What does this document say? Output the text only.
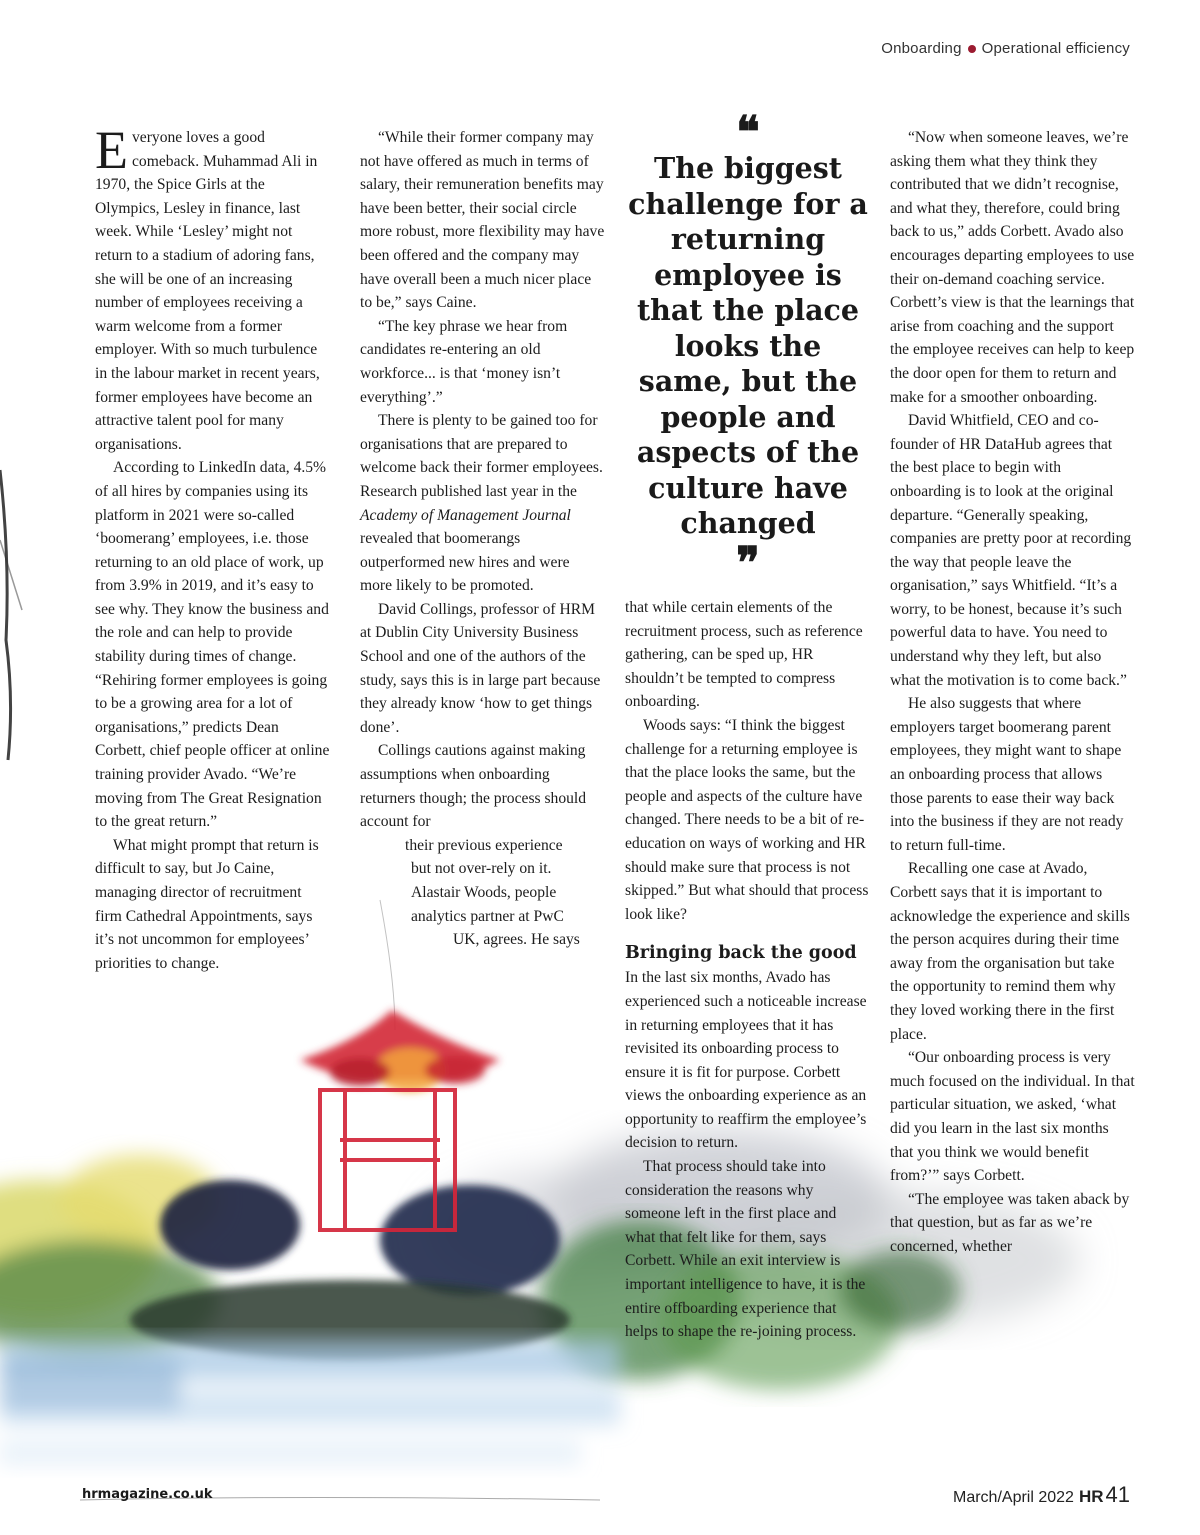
Onboarding Operational efficiency

Everyone loves a good comeback. Muhammad Ali in 1970, the Spice Girls at the Olympics, Lesley in finance, last week. While ‘Lesley’ might not return to a stadium of adoring fans, she will be one of an increasing number of employees receiving a warm welcome from a former employer. With so much turbulence in the labour market in recent years, former employees have become an attractive talent pool for many organisations.

According to LinkedIn data, 4.5% of all hires by companies using its platform in 2021 were so-called ‘boomerang’ employees, i.e. those returning to an old place of work, up from 3.9% in 2019, and it’s easy to see why. They know the business and the role and can help to provide stability during times of change. “Rehiring former employees is going to be a growing area for a lot of organisations,” predicts Dean Corbett, chief people officer at online training provider Avado. “We’re moving from The Great Resignation to the great return.”

What might prompt that return is difficult to say, but Jo Caine, managing director of recruitment firm Cathedral Appointments, says it’s not uncommon for employees’ priorities to change.

“While their former company may not have offered as much in terms of salary, their remuneration benefits may have been better, their social circle more robust, more flexibility may have been offered and the company may have overall been a much nicer place to be,” says Caine.

“The key phrase we hear from candidates re-entering an old workforce... is that ‘money isn’t everything’.”

There is plenty to be gained too for organisations that are prepared to welcome back their former employees. Research published last year in the Academy of Management Journal revealed that boomerangs outperformed new hires and were more likely to be promoted.

David Collings, professor of HRM at Dublin City University Business School and one of the authors of the study, says this is in large part because they already know ‘how to get things done’.

Collings cautions against making assumptions when onboarding returners though; the process should account for

their previous experience
but not over-rely on it.
Alastair Woods, people
analytics partner at PwC
UK, agrees. He says
❝
The biggest challenge for a returning employee is that the place looks the same, but the people and aspects of the culture have changed
❞

that while certain elements of the recruitment process, such as reference gathering, can be sped up, HR shouldn’t be tempted to compress onboarding.

Woods says: “I think the biggest challenge for a returning employee is that the place looks the same, but the people and aspects of the culture have changed. There needs to be a bit of re-education on ways of working and HR should make sure that process is not skipped.” But what should that process look like?

Bringing back the good

In the last six months, Avado has experienced such a noticeable increase in returning employees that it has revisited its onboarding process to ensure it is fit for purpose. Corbett views the onboarding experience as an opportunity to reaffirm the employee’s decision to return.

That process should take into consideration the reasons why someone left in the first place and what that felt like for them, says Corbett. While an exit interview is important intelligence to have, it is the entire offboarding experience that helps to shape the re-joining process.

“Now when someone leaves, we’re asking them what they think they contributed that we didn’t recognise, and what they, therefore, could bring back to us,” adds Corbett. Avado also encourages departing employees to use their on-demand coaching service. Corbett’s view is that the learnings that arise from coaching and the support the employee receives can help to keep the door open for them to return and make for a smoother onboarding.

David Whitfield, CEO and co-founder of HR DataHub agrees that the best place to begin with onboarding is to look at the original departure. “Generally speaking, companies are pretty poor at recording the way that people leave the organisation,” says Whitfield. “It’s a worry, to be honest, because it’s such powerful data to have. You need to understand why they left, but also what the motivation is to come back.”

He also suggests that where employers target boomerang parent employees, they might want to shape an onboarding process that allows those parents to ease their way back into the business if they are not ready to return full-time.

Recalling one case at Avado, Corbett says that it is important to acknowledge the experience and skills the person acquires during their time away from the organisation but take the opportunity to remind them why they loved working there in the first place.

“Our onboarding process is very much focused on the individual. In that particular situation, we asked, ‘what did you learn in the last six months that you think we would benefit from?’” says Corbett.

“The employee was taken aback by that question, but as far as we’re concerned, whether

hrmagazine.co.uk	March/April 2022 HR41
